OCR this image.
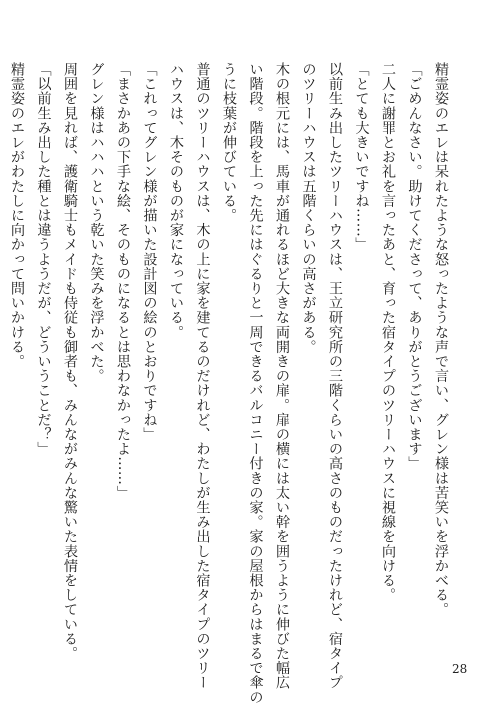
精霊姿のエレは呆れたような怒ったような声で言い、グレン様は苦笑いを浮かべる。
「ごめんなさい。助けてくださって、ありがとうございます」
二人に謝罪とお礼を言ったあと、育った宿タイプのツリーハウスに視線を向ける。
「とても大きいですね……」
以前生み出したツリーハウスは、王立研究所の三階くらいの高さのものだったけれど、宿タイプ
のツリーハウスは五階くらいの高さがある。
木の根元には、馬車が通れるほど大きな両開きの扉。扉の横には太い幹を囲うように伸びた幅広
い階段。階段を上った先にはぐるりと一周できるバルコニー付きの家。家の屋根からはまるで傘の
うに枝葉が伸びている。
普通のツリーハウスは、木の上に家を建てるのだけれど、わたしが生み出した宿タイプのツリー
ハウスは、木そのものが家になっている。
「これってグレン様が描いた設計図の絵のとおりですね」
「まさかあの下手な絵、そのものになるとは思わなかったよ……」
グレン様はハハハという乾いた笑みを浮かべた。
周囲を見れば、護衛騎士もメイドも侍従も御者も、みんながみんな驚いた表情をしている。
「以前生み出した種とは違うようだが、どういうことだ？」
精霊姿のエレがわたしに向かって問いかける。
28
